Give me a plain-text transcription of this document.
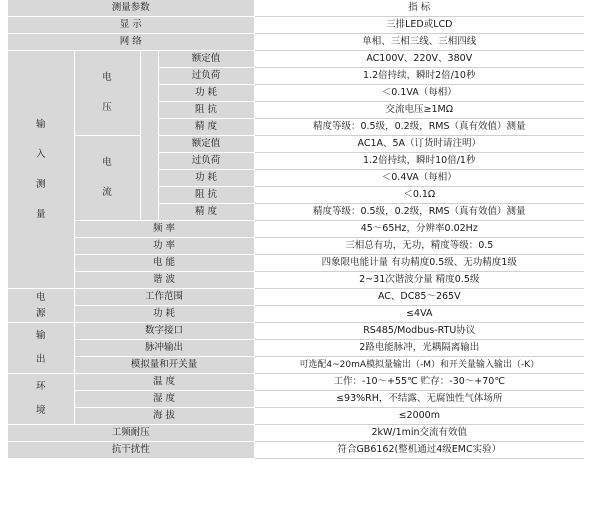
测量参数				指 标
显 示				三排LED或LCD
网 络				单相、三相三线、三相四线

输
入
测
量	电
压		额定值	AC100V、220V、380V
			过负荷	1.2倍持续，瞬时2倍/10秒
			功 耗	＜0.1VA（每相）
			阻 抗	交流电压≥1MΩ
			精 度	精度等级：0.5级，0.2级，RMS（真有效值）测量

	电
流		额定值	AC1A、5A（订货时请注明）
			过负荷	1.2倍持续，瞬时10倍/1秒
			功 耗	＜0.4VA（每相）
			阻 抗	＜0.1Ω
			精 度	精度等级：0.5级，0.2级，RMS（真有效值）测量
	频 率			45～65Hz，分辨率0.02Hz
	功 率			三相总有功，无功，精度等级：0.5
	电 能			四象限电能计量 有功精度0.5级、无功精度1级
	谐 波			2~31次谐波分量 精度0.5级

电
源	工作范围			AC、DC85～265V
	功 耗			≤4VA

输
出	数字接口			RS485/Modbus-RTU协议
	脉冲输出			2路电能脉冲，光耦隔离输出
	模拟量和开关量			可选配4~20mA模拟量输出（-M）和开关量输入输出（-K）

环
境	温 度			工作：-10～+55℃ 贮存：-30～+70℃
	湿 度			≤93%RH，不结露、无腐蚀性气体场所
	海 拔			≤2000m
工频耐压				2kW/1min交流有效值
抗干扰性				符合GB6162(整机通过4级EMC实验）
